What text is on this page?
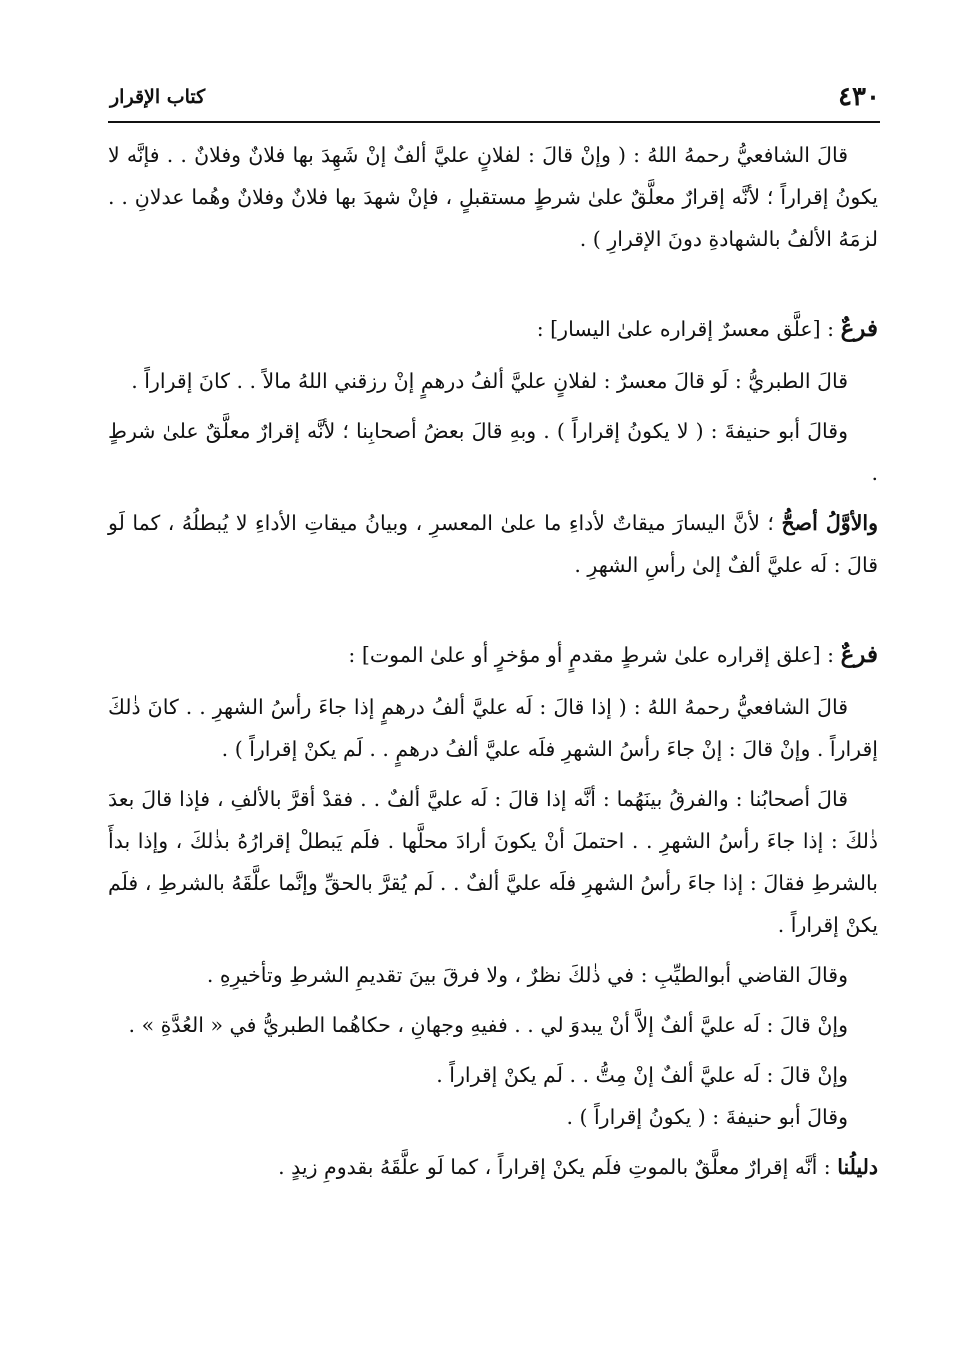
٤٣٠
كتاب الإقرار

قالَ الشافعيُّ رحمهُ اللهُ : ( وإنْ قالَ : لفلانٍ عليَّ ألفٌ إنْ شَهِدَ بها فلانٌ وفلانٌ . . فإنَّه لا يكونُ إقراراً ؛ لأنَّه إقرارٌ معلَّقٌ علىٰ شرطٍ مستقبلٍ ، فإنْ شهدَ بها فلانٌ وفلانٌ وهُما عدلانِ . . لزمَهُ الألفُ بالشهادةِ دونَ الإقرارِ ) .

فرعٌ : [علَّق معسرٌ إقراره علىٰ اليسار] :

قالَ الطبريُّ : لَو قالَ معسرٌ : لفلانٍ عليَّ ألفُ درهمٍ إنْ رزقني اللهُ مالاً . . كانَ إقراراً .

وقالَ أبو حنيفةَ : ( لا يكونُ إقراراً ) . وبهِ قالَ بعضُ أصحابِنا ؛ لأنَّه إقرارٌ معلَّقٌ علىٰ شرطٍ .

والأوَّلُ أصحُّ ؛ لأنَّ اليسارَ ميقاتٌ لأداءِ ما علىٰ المعسرِ ، وبيانُ ميقاتِ الأداءِ لا يُبطلُهُ ، كما لَو قالَ : لَه عليَّ ألفٌ إلىٰ رأسِ الشهرِ .

فرعٌ : [علق إقراره علىٰ شرطٍ مقدمٍ أو مؤخرٍ أو علىٰ الموت] :

قالَ الشافعيُّ رحمهُ اللهُ : ( إذا قالَ : لَه عليَّ ألفُ درهمٍ إذا جاءَ رأسُ الشهرِ . . كانَ ذٰلكَ إقراراً . وإنْ قالَ : إنْ جاءَ رأسُ الشهرِ فلَه عليَّ ألفُ درهمٍ . . لَم يكنْ إقراراً ) .

قالَ أصحابُنا : والفرقُ بينَهُما : أنَّه إذا قالَ : لَه عليَّ ألفٌ . . فقدْ أقرَّ بالألفِ ، فإذا قالَ بعدَ ذٰلكَ : إذا جاءَ رأسُ الشهرِ . . احتملَ أنْ يكونَ أرادَ محلَّها . فلَم يَبطلْ إقرارُهُ بذٰلكَ ، وإذا بدأَ بالشرطِ فقالَ : إذا جاءَ رأسُ الشهرِ فلَه عليَّ ألفٌ . . لَم يُقرَّ بالحقِّ وإنَّما علَّقَهُ بالشرطِ ، فلَم يكنْ إقراراً .

وقالَ القاضي أبوالطيِّبِ : في ذٰلكَ نظرٌ ، ولا فرقَ بينَ تقديمِ الشرطِ وتأخيرِهِ .

وإنْ قالَ : لَه عليَّ ألفٌ إلاَّ أنْ يبدوَ لي . . ففيهِ وجهانِ ، حكاهُما الطبريُّ في « العُدَّةِ » .

وإنْ قالَ : لَه عليَّ ألفٌ إنْ مِتُّ . . لَم يكنْ إقراراً .

وقالَ أبو حنيفةَ : ( يكونُ إقراراً ) .

دليلُنا : أنَّه إقرارٌ معلَّقٌ بالموتِ فلَم يكنْ إقراراً ، كما لَو علَّقَهُ بقدومِ زيدٍ .
